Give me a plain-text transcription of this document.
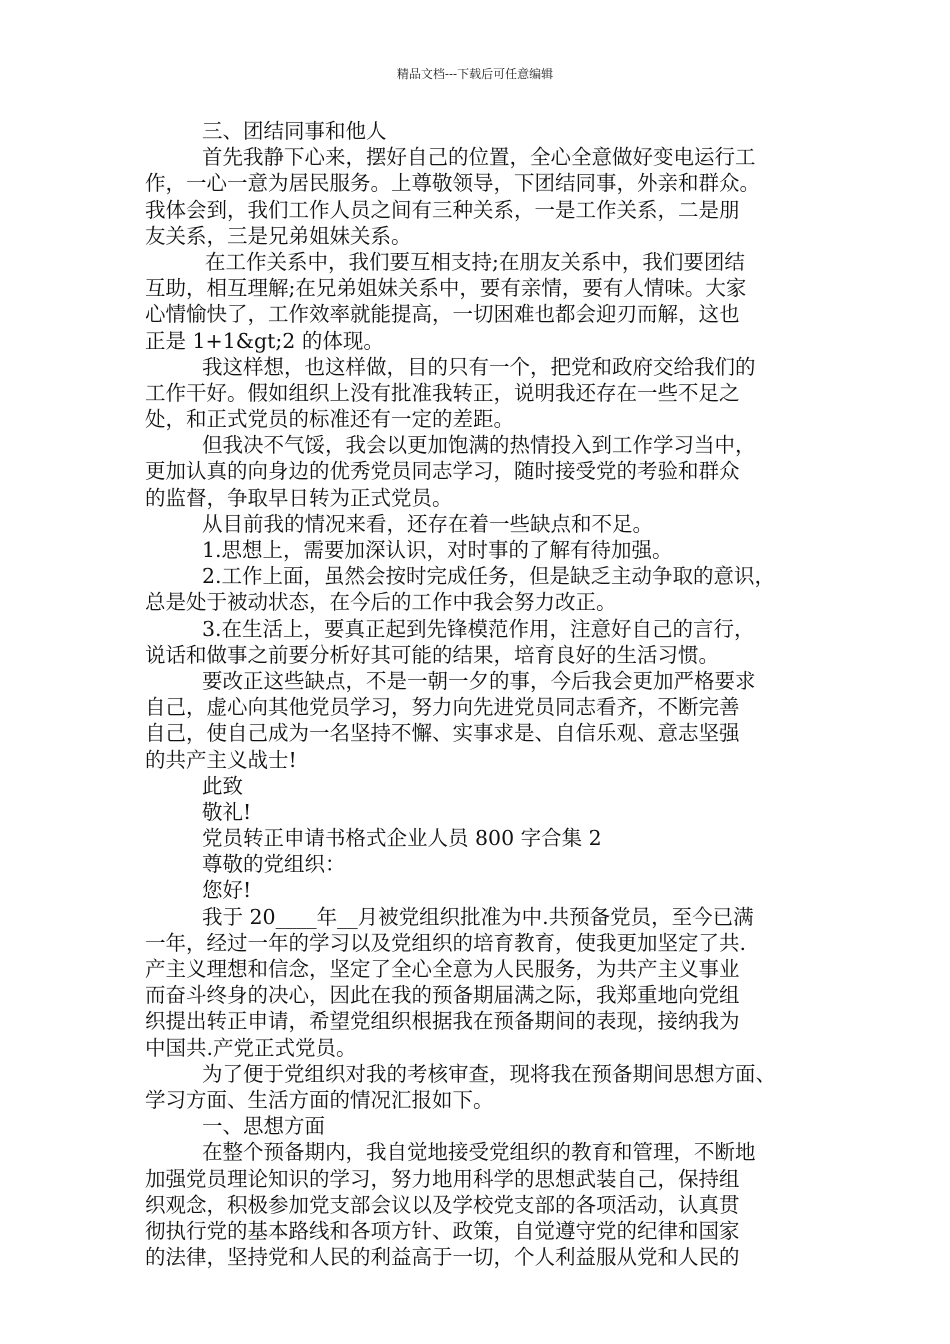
精品文档---下载后可任意编辑
三、团结同事和他人
首先我静下心来，摆好自己的位置，全心全意做好变电运行工
作，一心一意为居民服务。上尊敬领导，下团结同事，外亲和群众。
我体会到，我们工作人员之间有三种关系，一是工作关系，二是朋
友关系，三是兄弟姐妹关系。
在工作关系中，我们要互相支持;在朋友关系中，我们要团结
互助，相互理解;在兄弟姐妹关系中，要有亲情，要有人情味。大家
心情愉快了，工作效率就能提高，一切困难也都会迎刃而解，这也
正是 1+1&gt;2 的体现。
我这样想，也这样做，目的只有一个，把党和政府交给我们的
工作干好。假如组织上没有批准我转正，说明我还存在一些不足之
处，和正式党员的标准还有一定的差距。
但我决不气馁，我会以更加饱满的热情投入到工作学习当中，
更加认真的向身边的优秀党员同志学习，随时接受党的考验和群众
的监督，争取早日转为正式党员。
从目前我的情况来看，还存在着一些缺点和不足。
1.思想上，需要加深认识，对时事的了解有待加强。
2.工作上面，虽然会按时完成任务，但是缺乏主动争取的意识，
总是处于被动状态，在今后的工作中我会努力改正。
3.在生活上，要真正起到先锋模范作用，注意好自己的言行，
说话和做事之前要分析好其可能的结果，培育良好的生活习惯。
要改正这些缺点，不是一朝一夕的事，今后我会更加严格要求
自己，虚心向其他党员学习，努力向先进党员同志看齐，不断完善
自己，使自己成为一名坚持不懈、实事求是、自信乐观、意志坚强
的共产主义战士!
此致
敬礼!
党员转正申请书格式企业人员 800 字合集 2
尊敬的党组织：
您好!
我于 20____年__月被党组织批准为中.共预备党员，至今已满
一年，经过一年的学习以及党组织的培育教育，使我更加坚定了共.
产主义理想和信念，坚定了全心全意为人民服务，为共产主义事业
而奋斗终身的决心，因此在我的预备期届满之际，我郑重地向党组
织提出转正申请，希望党组织根据我在预备期间的表现，接纳我为
中国共.产党正式党员。
为了便于党组织对我的考核审查，现将我在预备期间思想方面、
学习方面、生活方面的情况汇报如下。
一、思想方面
在整个预备期内，我自觉地接受党组织的教育和管理，不断地
加强党员理论知识的学习，努力地用科学的思想武装自己，保持组
织观念，积极参加党支部会议以及学校党支部的各项活动，认真贯
彻执行党的基本路线和各项方针、政策，自觉遵守党的纪律和国家
的法律，坚持党和人民的利益高于一切，个人利益服从党和人民的
